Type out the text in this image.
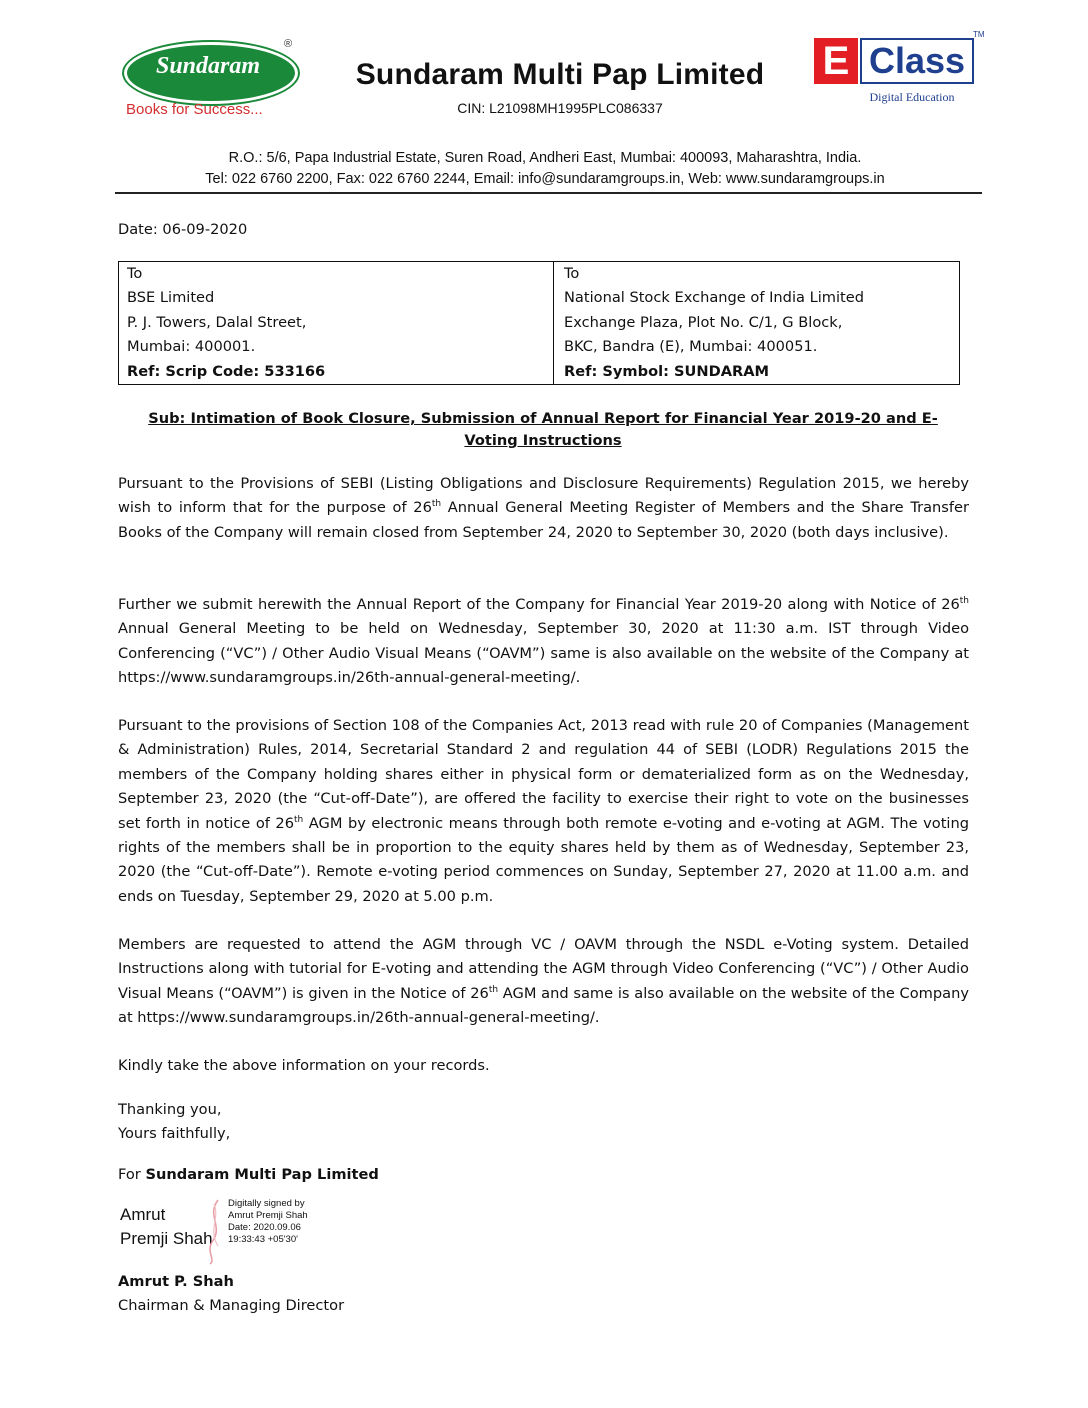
Sundaram
®
Books for Success...
Sundaram Multi Pap Limited
CIN: L21098MH1995PLC086337
E Class
TM
Digital Education
R.O.: 5/6, Papa Industrial Estate, Suren Road, Andheri East, Mumbai: 400093, Maharashtra, India.
Tel: 022 6760 2200, Fax: 022 6760 2244, Email: info@sundaramgroups.in, Web: www.sundaramgroups.in
Date: 06-09-2020
To
BSE Limited
P. J. Towers, Dalal Street,
Mumbai: 400001.
Ref: Scrip Code: 533166
To
National Stock Exchange of India Limited
Exchange Plaza, Plot No. C/1, G Block,
BKC, Bandra (E), Mumbai: 400051.
Ref: Symbol: SUNDARAM
Sub: Intimation of Book Closure, Submission of Annual Report for Financial Year 2019-20 and E-
Voting Instructions
Pursuant to the Provisions of SEBI (Listing Obligations and Disclosure Requirements) Regulation 2015, we hereby wish to inform that for the purpose of 26th Annual General Meeting Register of Members and the Share Transfer Books of the Company will remain closed from September 24, 2020 to September 30, 2020 (both days inclusive).
Further we submit herewith the Annual Report of the Company for Financial Year 2019-20 along with Notice of 26th Annual General Meeting to be held on Wednesday, September 30, 2020 at 11:30 a.m. IST through Video Conferencing (“VC”) / Other Audio Visual Means (“OAVM”) same is also available on the website of the Company at https://www.sundaramgroups.in/26th-annual-general-meeting/.
Pursuant to the provisions of Section 108 of the Companies Act, 2013 read with rule 20 of Companies (Management & Administration) Rules, 2014, Secretarial Standard 2 and regulation 44 of SEBI (LODR) Regulations 2015 the members of the Company holding shares either in physical form or dematerialized form as on the Wednesday, September 23, 2020 (the “Cut-off-Date”), are offered the facility to exercise their right to vote on the businesses set forth in notice of 26th AGM by electronic means through both remote e-voting and e-voting at AGM. The voting rights of the members shall be in proportion to the equity shares held by them as of Wednesday, September 23, 2020 (the “Cut-off-Date”). Remote e-voting period commences on Sunday, September 27, 2020 at 11.00 a.m. and ends on Tuesday, September 29, 2020 at 5.00 p.m.
Members are requested to attend the AGM through VC / OAVM through the NSDL e-Voting system. Detailed Instructions along with tutorial for E-voting and attending the AGM through Video Conferencing (“VC”) / Other Audio Visual Means (“OAVM”) is given in the Notice of 26th AGM and same is also available on the website of the Company at https://www.sundaramgroups.in/26th-annual-general-meeting/.
Kindly take the above information on your records.
Thanking you,
Yours faithfully,
For Sundaram Multi Pap Limited
Amrut
Premji Shah
Digitally signed by
Amrut Premji Shah
Date: 2020.09.06
19:33:43 +05'30'
Amrut P. Shah
Chairman & Managing Director
